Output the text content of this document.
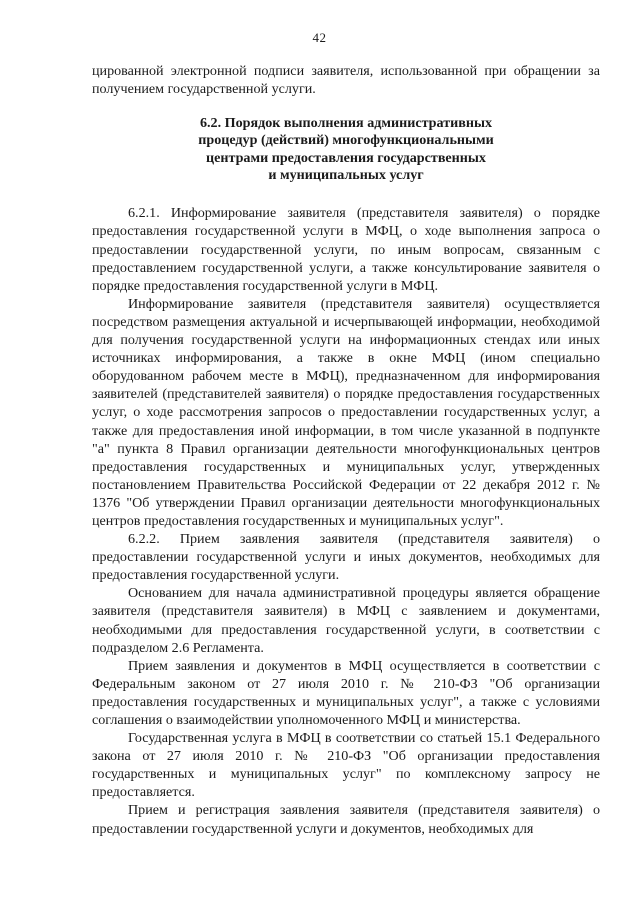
42

цированной электронной подписи заявителя, использованной при обращении за получением государственной услуги.

6.2. Порядок выполнения административных
процедур (действий) многофункциональными
центрами предоставления государственных
и муниципальных услуг

6.2.1. Информирование заявителя (представителя заявителя) о порядке предоставления государственной услуги в МФЦ, о ходе выполнения запроса о предоставлении государственной услуги, по иным вопросам, связанным с предоставлением государственной услуги, а также консультирование заявителя о порядке предоставления государственной услуги в МФЦ.

Информирование заявителя (представителя заявителя) осуществляется посредством размещения актуальной и исчерпывающей информации, необходимой для получения государственной услуги на информационных стендах или иных источниках информирования, а также в окне МФЦ (ином специально оборудованном рабочем месте в МФЦ), предназначенном для информирования заявителей (представителей заявителя) о порядке предоставления государственных услуг, о ходе рассмотрения запросов о предоставлении государственных услуг, а также для предоставления иной информации, в том числе указанной в подпункте "а" пункта 8 Правил организации деятельности многофункциональных центров предоставления государственных и муниципальных услуг, утвержденных постановлением Правительства Российской Федерации от 22 декабря 2012 г. № 1376 "Об утверждении Правил организации деятельности многофункциональных центров предоставления государственных и муниципальных услуг".

6.2.2. Прием заявления заявителя (представителя заявителя) о предоставлении государственной услуги и иных документов, необходимых для предоставления государственной услуги.

Основанием для начала административной процедуры является обращение заявителя (представителя заявителя) в МФЦ с заявлением и документами, необходимыми для предоставления государственной услуги, в соответствии с подразделом 2.6 Регламента.

Прием заявления и документов в МФЦ осуществляется в соответствии с Федеральным законом от 27 июля 2010 г. № 210-ФЗ "Об организации предоставления государственных и муниципальных услуг", а также с условиями соглашения о взаимодействии уполномоченного МФЦ и министерства.

Государственная услуга в МФЦ в соответствии со статьей 15.1 Федерального закона от 27 июля 2010 г. № 210-ФЗ "Об организации предоставления государственных и муниципальных услуг" по комплексному запросу не предоставляется.

Прием и регистрация заявления заявителя (представителя заявителя) о предоставлении государственной услуги и документов, необходимых для
